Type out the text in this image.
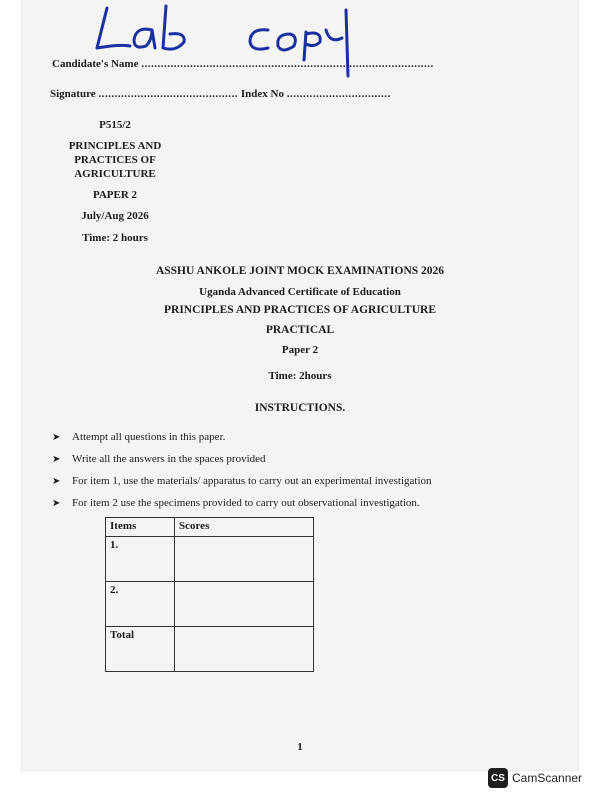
Candidate's Name ..........................................................................................
Signature ........................................... Index No ................................
P515/2
PRINCIPLES AND PRACTICES OF AGRICULTURE
PAPER 2
July/Aug 2026
Time: 2 hours
ASSHU ANKOLE JOINT MOCK EXAMINATIONS 2026
Uganda Advanced Certificate of Education
PRINCIPLES AND PRACTICES OF AGRICULTURE
PRACTICAL
Paper 2
Time: 2hours
INSTRUCTIONS.
➤ Attempt all questions in this paper.
➤ Write all the answers in the spaces provided
➤ For item 1, use the materials/ apparatus to carry out an experimental investigation
➤ For item 2 use the specimens provided to carry out observational investigation.
Items	Scores
1.	
2.	
Total	
1
CS CamScanner
